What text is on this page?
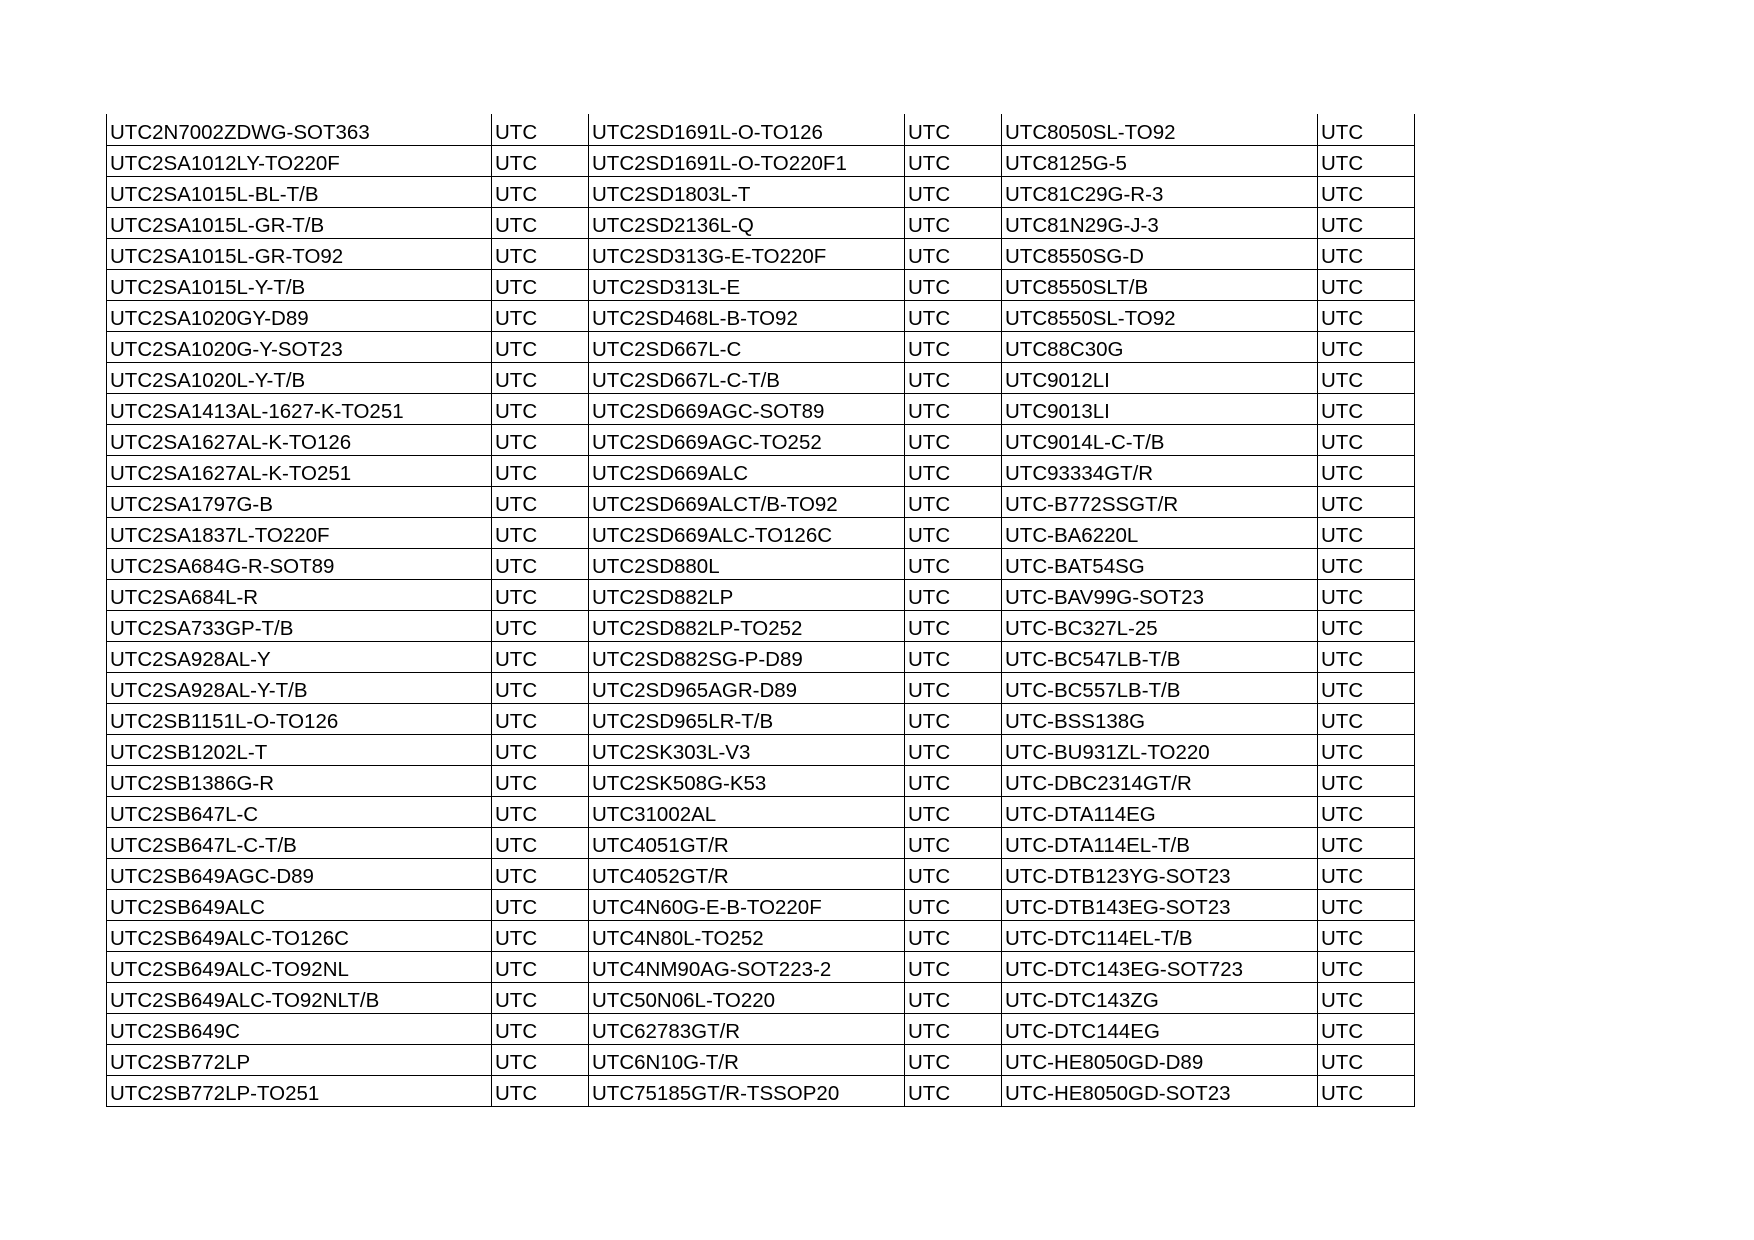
UTC2N7002ZDWG-SOT363	UTC	UTC2SD1691L-O-TO126	UTC	UTC8050SL-TO92	UTC
UTC2SA1012LY-TO220F	UTC	UTC2SD1691L-O-TO220F1	UTC	UTC8125G-5	UTC
UTC2SA1015L-BL-T/B	UTC	UTC2SD1803L-T	UTC	UTC81C29G-R-3	UTC
UTC2SA1015L-GR-T/B	UTC	UTC2SD2136L-Q	UTC	UTC81N29G-J-3	UTC
UTC2SA1015L-GR-TO92	UTC	UTC2SD313G-E-TO220F	UTC	UTC8550SG-D	UTC
UTC2SA1015L-Y-T/B	UTC	UTC2SD313L-E	UTC	UTC8550SLT/B	UTC
UTC2SA1020GY-D89	UTC	UTC2SD468L-B-TO92	UTC	UTC8550SL-TO92	UTC
UTC2SA1020G-Y-SOT23	UTC	UTC2SD667L-C	UTC	UTC88C30G	UTC
UTC2SA1020L-Y-T/B	UTC	UTC2SD667L-C-T/B	UTC	UTC9012LI	UTC
UTC2SA1413AL-1627-K-TO251	UTC	UTC2SD669AGC-SOT89	UTC	UTC9013LI	UTC
UTC2SA1627AL-K-TO126	UTC	UTC2SD669AGC-TO252	UTC	UTC9014L-C-T/B	UTC
UTC2SA1627AL-K-TO251	UTC	UTC2SD669ALC	UTC	UTC93334GT/R	UTC
UTC2SA1797G-B	UTC	UTC2SD669ALCT/B-TO92	UTC	UTC-B772SSGT/R	UTC
UTC2SA1837L-TO220F	UTC	UTC2SD669ALC-TO126C	UTC	UTC-BA6220L	UTC
UTC2SA684G-R-SOT89	UTC	UTC2SD880L	UTC	UTC-BAT54SG	UTC
UTC2SA684L-R	UTC	UTC2SD882LP	UTC	UTC-BAV99G-SOT23	UTC
UTC2SA733GP-T/B	UTC	UTC2SD882LP-TO252	UTC	UTC-BC327L-25	UTC
UTC2SA928AL-Y	UTC	UTC2SD882SG-P-D89	UTC	UTC-BC547LB-T/B	UTC
UTC2SA928AL-Y-T/B	UTC	UTC2SD965AGR-D89	UTC	UTC-BC557LB-T/B	UTC
UTC2SB1151L-O-TO126	UTC	UTC2SD965LR-T/B	UTC	UTC-BSS138G	UTC
UTC2SB1202L-T	UTC	UTC2SK303L-V3	UTC	UTC-BU931ZL-TO220	UTC
UTC2SB1386G-R	UTC	UTC2SK508G-K53	UTC	UTC-DBC2314GT/R	UTC
UTC2SB647L-C	UTC	UTC31002AL	UTC	UTC-DTA114EG	UTC
UTC2SB647L-C-T/B	UTC	UTC4051GT/R	UTC	UTC-DTA114EL-T/B	UTC
UTC2SB649AGC-D89	UTC	UTC4052GT/R	UTC	UTC-DTB123YG-SOT23	UTC
UTC2SB649ALC	UTC	UTC4N60G-E-B-TO220F	UTC	UTC-DTB143EG-SOT23	UTC
UTC2SB649ALC-TO126C	UTC	UTC4N80L-TO252	UTC	UTC-DTC114EL-T/B	UTC
UTC2SB649ALC-TO92NL	UTC	UTC4NM90AG-SOT223-2	UTC	UTC-DTC143EG-SOT723	UTC
UTC2SB649ALC-TO92NLT/B	UTC	UTC50N06L-TO220	UTC	UTC-DTC143ZG	UTC
UTC2SB649C	UTC	UTC62783GT/R	UTC	UTC-DTC144EG	UTC
UTC2SB772LP	UTC	UTC6N10G-T/R	UTC	UTC-HE8050GD-D89	UTC
UTC2SB772LP-TO251	UTC	UTC75185GT/R-TSSOP20	UTC	UTC-HE8050GD-SOT23	UTC
